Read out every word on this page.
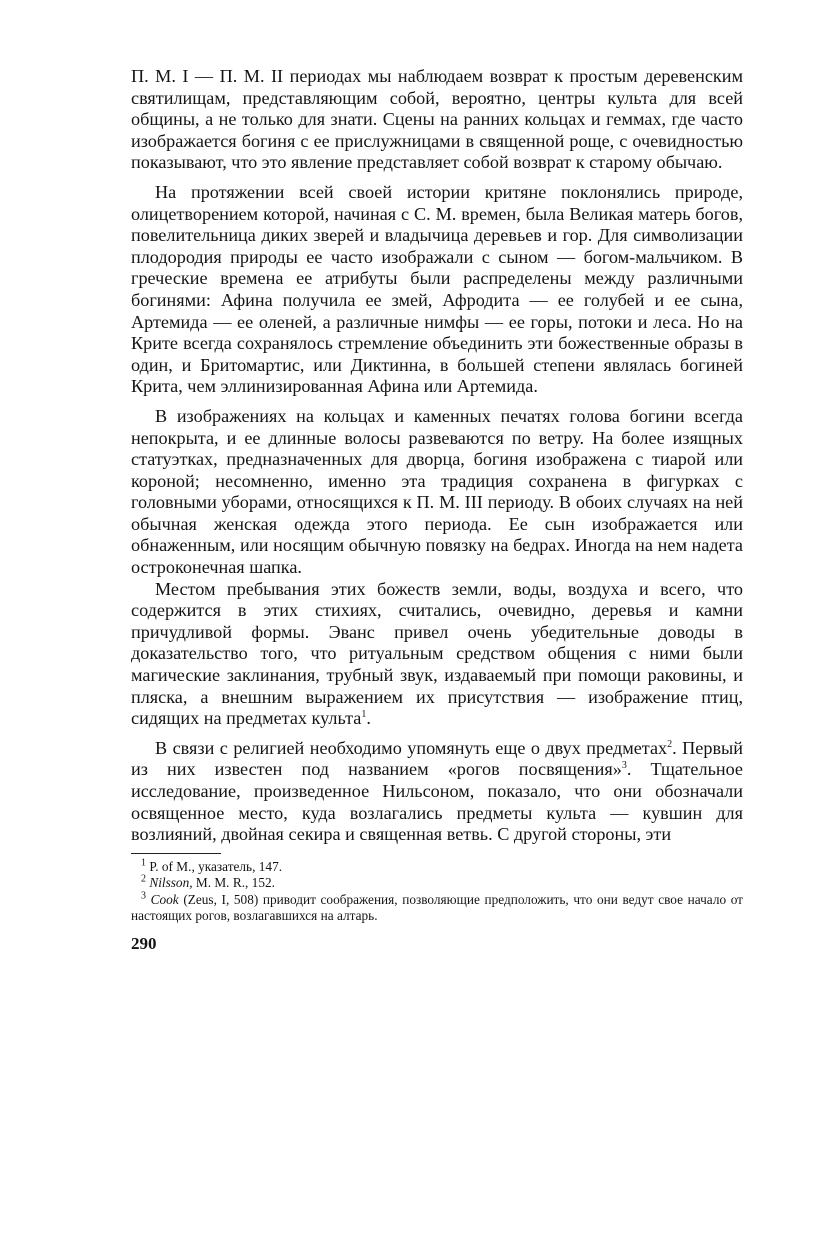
П. М. I — П. М. II периодах мы наблюдаем возврат к простым деревенским святилищам, представляющим собой, вероятно, центры культа для всей общины, а не только для знати. Сцены на ранних кольцах и геммах, где часто изображается богиня с ее прислужницами в священной роще, с очевидностью показывают, что это явление представляет собой возврат к старому обычаю.

На протяжении всей своей истории критяне поклонялись природе, олицетворением которой, начиная с С. М. времен, была Великая матерь богов, повелительница диких зверей и владычица деревьев и гор. Для символизации плодородия природы ее часто изображали с сыном — богом-мальчиком. В греческие времена ее атрибуты были распределены между различными богинями: Афина получила ее змей, Афродита — ее голубей и ее сына, Артемида — ее оленей, а различные нимфы — ее горы, потоки и леса. Но на Крите всегда сохранялось стремление объединить эти божественные образы в один, и Бритомартис, или Диктинна, в большей степени являлась богиней Крита, чем эллинизированная Афина или Артемида.

В изображениях на кольцах и каменных печатях голова богини всегда непокрыта, и ее длинные волосы развеваются по ветру. На более изящных статуэтках, предназначенных для дворца, богиня изображена с тиарой или короной; несомненно, именно эта традиция сохранена в фигурках с головными уборами, относящихся к П. М. III периоду. В обоих случаях на ней обычная женская одежда этого периода. Ее сын изображается или обнаженным, или носящим обычную повязку на бедрах. Иногда на нем надета остроконечная шапка.

Местом пребывания этих божеств земли, воды, воздуха и всего, что содержится в этих стихиях, считались, очевидно, деревья и камни причудливой формы. Эванс привел очень убедительные доводы в доказательство того, что ритуальным средством общения с ними были магические заклинания, трубный звук, издаваемый при помощи раковины, и пляска, а внешним выражением их присутствия — изображение птиц, сидящих на предметах культа$^1$.

В связи с религией необходимо упомянуть еще о двух предметах$^2$. Первый из них известен под названием «рогов посвящения»$^3$. Тщательное исследование, произведенное Нильсоном, показало, что они обозначали освященное место, куда возлагались предметы культа — кувшин для возлияний, двойная секира и священная ветвь. С другой стороны, эти

$^1$ P. of M., указатель, 147.

$^2$ Nilsson, M. M. R., 152.

$^3$ Cook (Zeus, I, 508) приводит соображения, позволяющие предположить, что они ведут свое начало от настоящих рогов, возлагавшихся на алтарь.

290
